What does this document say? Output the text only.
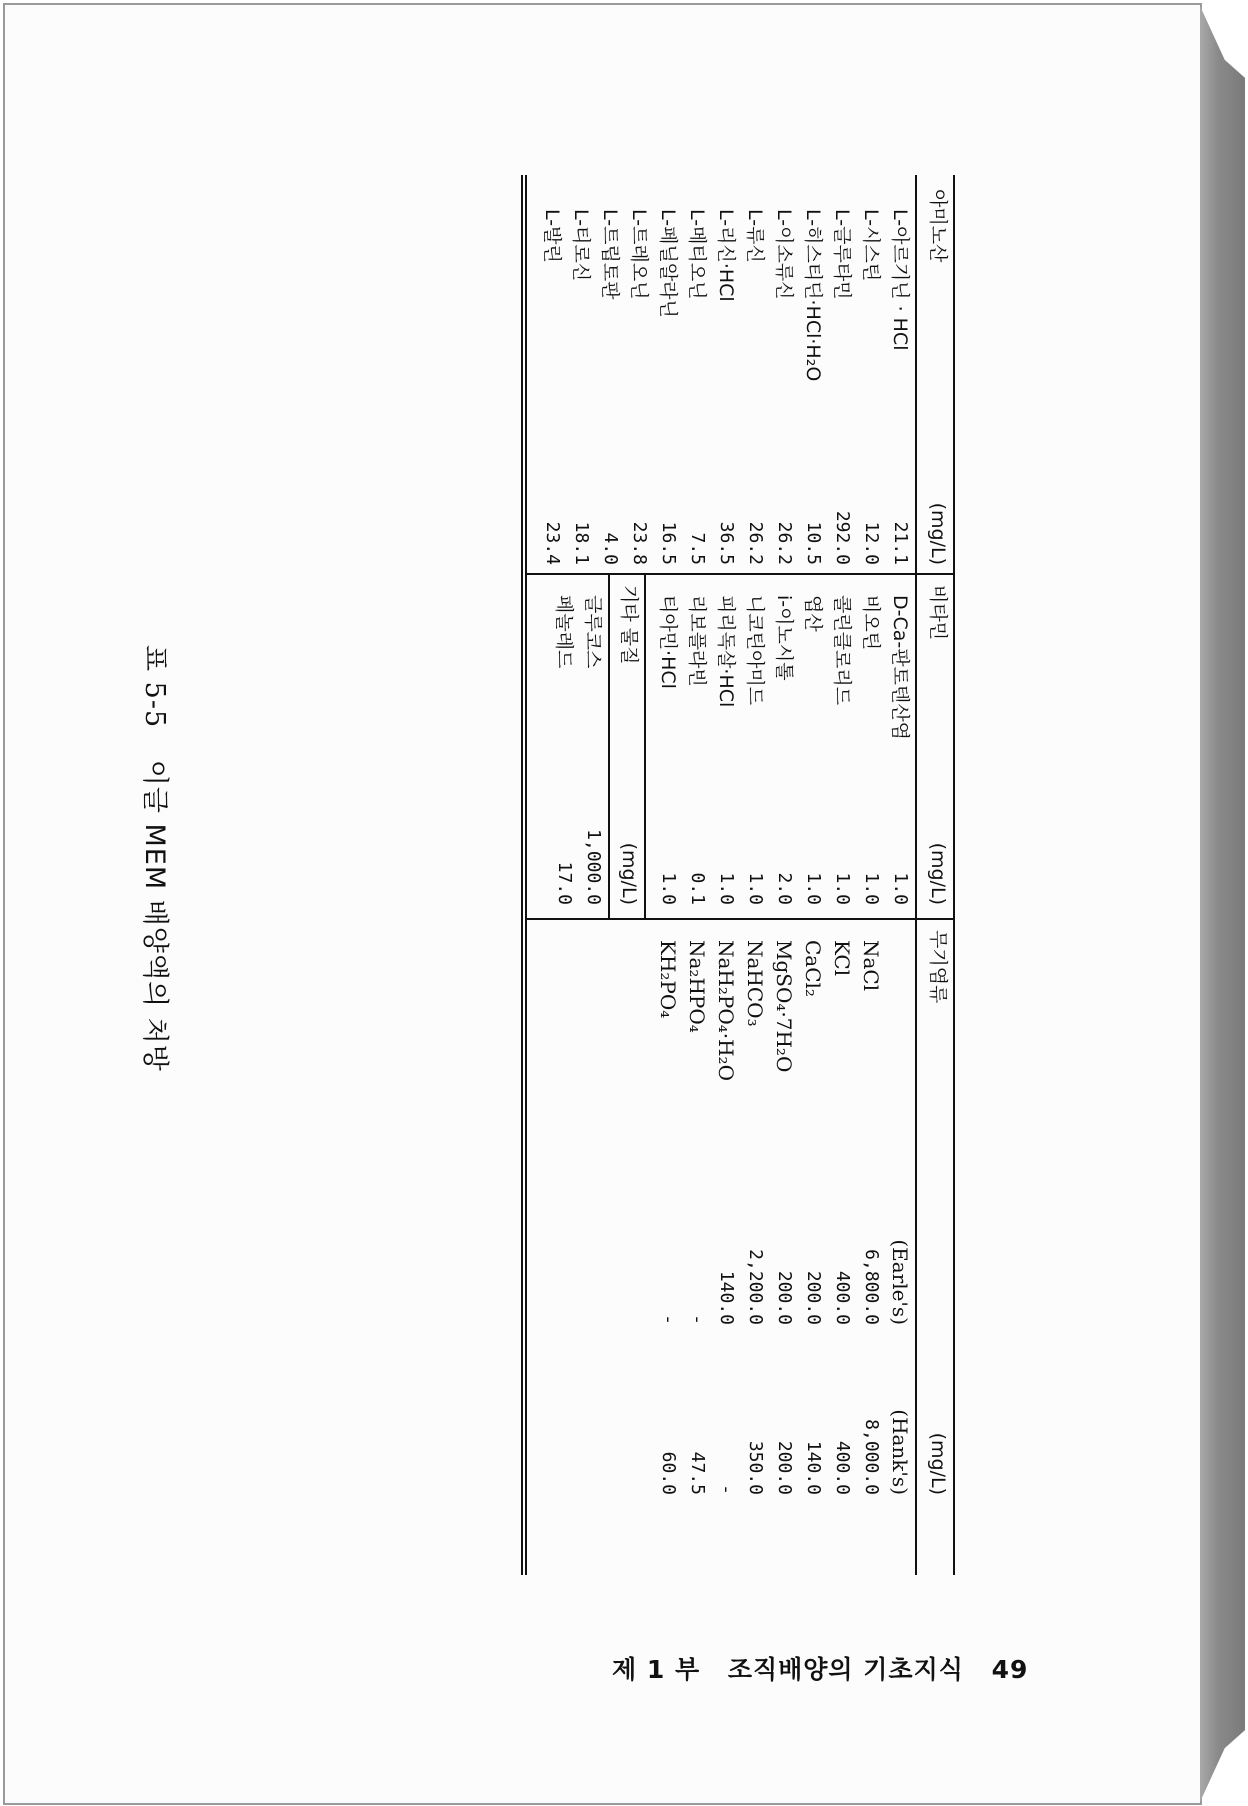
표 5-5 이글 MEM 배양액의 처방
아미노산
(mg/L)
L-아르기닌 · HCl
21.1
L-시스틴
12.0
L-글루타민
292.0
L-히스티딘·HCl·H₂O
10.5
L-이소류신
26.2
L-류신
26.2
L-리신·HCl
36.5
L-메티오닌
7.5
L-페닐알라닌
16.5
L-트레오닌
23.8
L-트립토판
4.0
L-티로신
18.1
L-발린
23.4
비타민
(mg/L)
D-Ca-판토텐산염
1.0
비오틴
1.0
콜린클로리드
1.0
엽산
1.0
i-이노시톨
2.0
니코틴아미드
1.0
피리독살·HCl
1.0
리보플라빈
0.1
티아민·HCl
1.0
기타 물질
(mg/L)
글루코스
1,000.0
페놀레드
17.0
무기염류
(mg/L)
(Earle's)
(Hank's)
NaCl
6,800.0
8,000.0
KCl
400.0
400.0
CaCl₂
200.0
140.0
MgSO₄·7H₂O
200.0
200.0
NaHCO₃
2,200.0
350.0
NaH₂PO₄·H₂O
140.0
-
Na₂HPO₄
-
47.5
KH₂PO₄
-
60.0
제 1 부 조직배양의 기초지식 49
